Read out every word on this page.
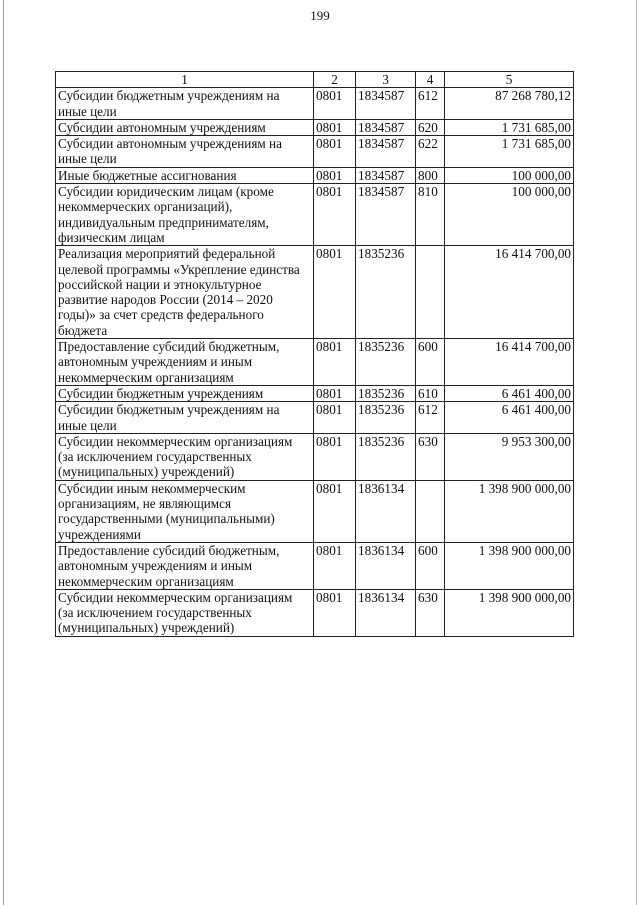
199
1	2	3	4	5
Субсидии бюджетным учреждениям на иные цели	0801	1834587	612	87 268 780,12
Субсидии автономным учреждениям	0801	1834587	620	1 731 685,00
Субсидии автономным учреждениям на иные цели	0801	1834587	622	1 731 685,00
Иные бюджетные ассигнования	0801	1834587	800	100 000,00
Субсидии юридическим лицам (кроме некоммерческих организаций), индивидуальным предпринимателям, физическим лицам	0801	1834587	810	100 000,00
Реализация мероприятий федеральной целевой программы «Укрепление единства российской нации и этнокультурное развитие народов России (2014 – 2020 годы)» за счет средств федерального бюджета	0801	1835236		16 414 700,00
Предоставление субсидий бюджетным, автономным учреждениям и иным некоммерческим организациям	0801	1835236	600	16 414 700,00
Субсидии бюджетным учреждениям	0801	1835236	610	6 461 400,00
Субсидии бюджетным учреждениям на иные цели	0801	1835236	612	6 461 400,00
Субсидии некоммерческим организациям (за исключением государственных (муниципальных) учреждений)	0801	1835236	630	9 953 300,00
Субсидии иным некоммерческим организациям, не являющимся государственными (муниципальными) учреждениями	0801	1836134		1 398 900 000,00
Предоставление субсидий бюджетным, автономным учреждениям и иным некоммерческим организациям	0801	1836134	600	1 398 900 000,00
Субсидии некоммерческим организациям (за исключением государственных (муниципальных) учреждений)	0801	1836134	630	1 398 900 000,00
